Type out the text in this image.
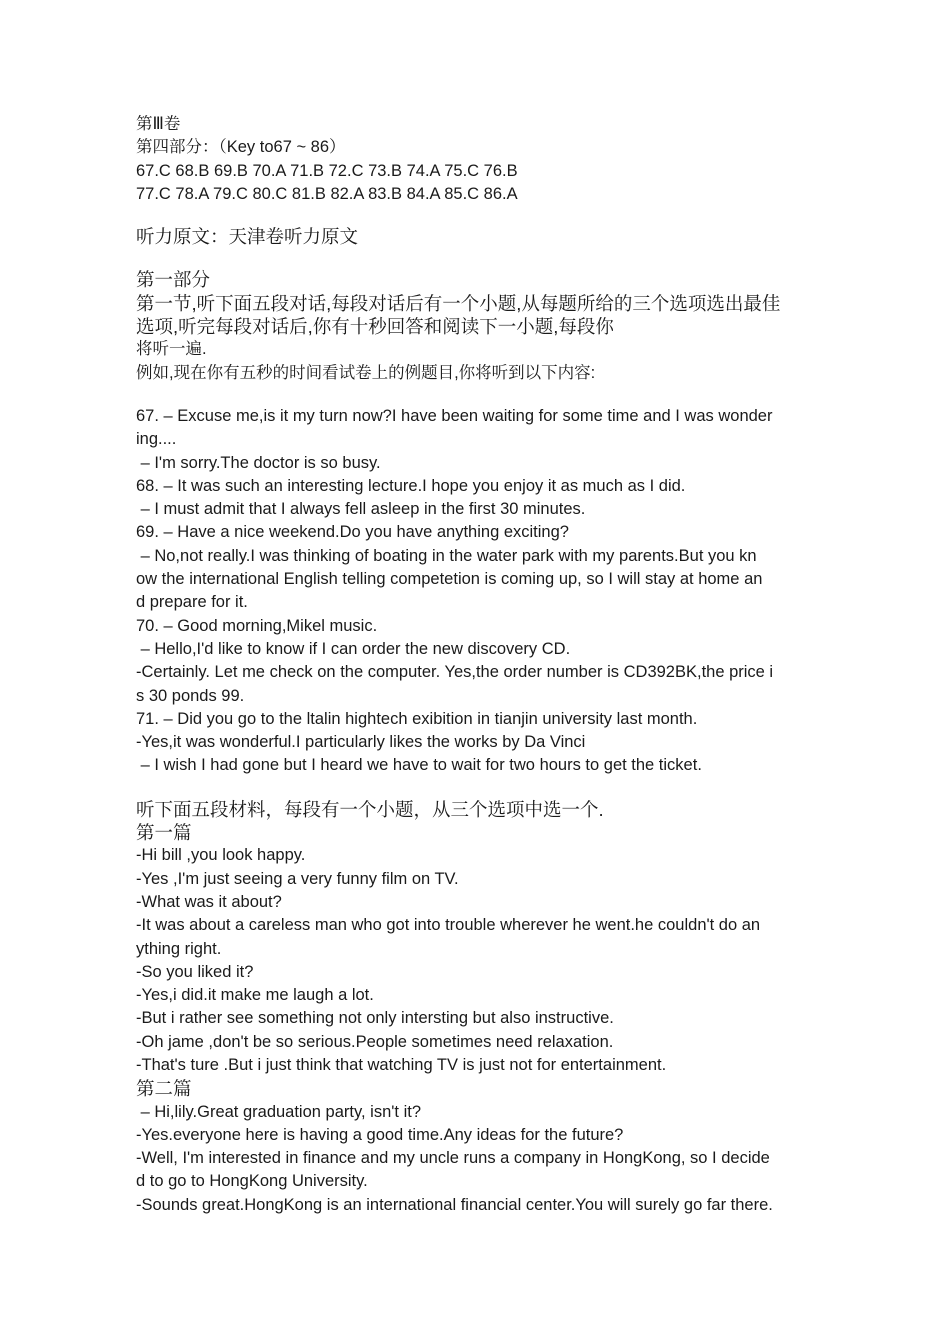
第Ⅲ卷
第四部分：（Key to67 ~ 86）
67.C 68.B 69.B 70.A 71.B 72.C 73.B 74.A 75.C 76.B
77.C 78.A 79.C 80.C 81.B 82.A 83.B 84.A 85.C 86.A
听力原文：天津卷听力原文
第一部分
第一节,听下面五段对话,每段对话后有一个小题,从每题所给的三个选项选出最佳
选项,听完每段对话后,你有十秒回答和阅读下一小题,每段你
将听一遍.
例如,现在你有五秒的时间看试卷上的例题目,你将听到以下内容:
67. – Excuse me,is it my turn now?I have been waiting for some time and I was wonder
ing....
– I'm sorry.The doctor is so busy.
68. – It was such an interesting lecture.I hope you enjoy it as much as I did.
– I must admit that I always fell asleep in the first 30 minutes.
69. – Have a nice weekend.Do you have anything exciting?
– No,not really.I was thinking of boating in the water park with my parents.But you kn
ow the international English telling competetion is coming up, so I will stay at home an
d prepare for it.
70. – Good morning,Mikel music.
– Hello,I'd like to know if I can order the new discovery CD.
-Certainly. Let me check on the computer. Yes,the order number is CD392BK,the price i
s 30 ponds 99.
71. – Did you go to the ltalin hightech exibition in tianjin university last month.
-Yes,it was wonderful.I particularly likes the works by Da Vinci
– I wish I had gone but I heard we have to wait for two hours to get the ticket.
听下面五段材料，每段有一个小题，从三个选项中选一个.
第一篇
-Hi bill ,you look happy.
-Yes ,I'm just seeing a very funny film on TV.
-What was it about?
-It was about a careless man who got into trouble wherever he went.he couldn't do an
ything right.
-So you liked it?
-Yes,i did.it make me laugh a lot.
-But i rather see something not only intersting but also instructive.
-Oh jame ,don't be so serious.People sometimes need relaxation.
-That's ture .But i just think that watching TV is just not for entertainment.
第二篇
– Hi,lily.Great graduation party, isn't it?
-Yes.everyone here is having a good time.Any ideas for the future?
-Well, I'm interested in finance and my uncle runs a company in HongKong, so I decide
d to go to HongKong University.
-Sounds great.HongKong is an international financial center.You will surely go far there.
